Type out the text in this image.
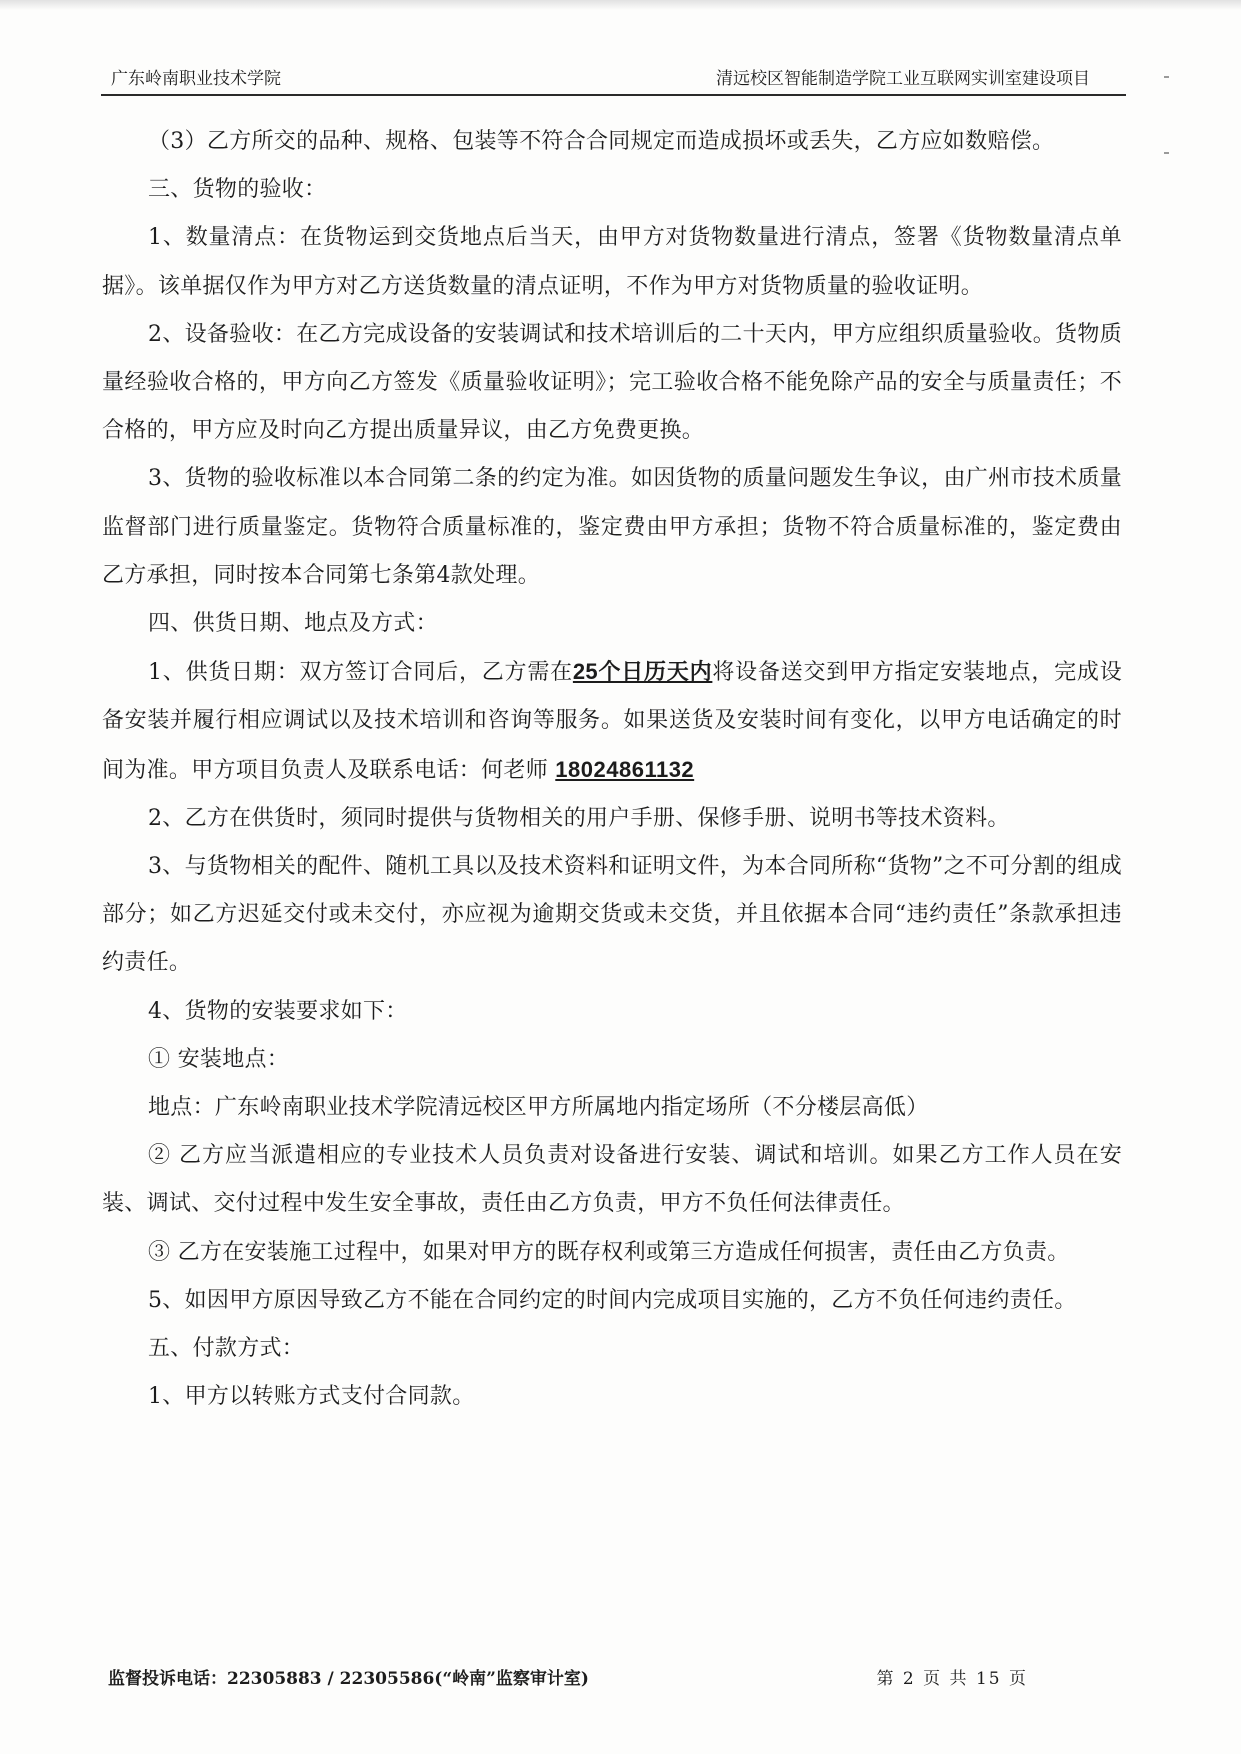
广东岭南职业技术学院	清远校区智能制造学院工业互联网实训室建设项目

（3）乙方所交的品种、规格、包装等不符合合同规定而造成损坏或丢失，乙方应如数赔偿。

三、货物的验收：

1、数量清点：在货物运到交货地点后当天，由甲方对货物数量进行清点，签署《货物数量清点单据》。该单据仅作为甲方对乙方送货数量的清点证明，不作为甲方对货物质量的验收证明。

2、设备验收：在乙方完成设备的安装调试和技术培训后的二十天内，甲方应组织质量验收。货物质量经验收合格的，甲方向乙方签发《质量验收证明》；完工验收合格不能免除产品的安全与质量责任；不合格的，甲方应及时向乙方提出质量异议，由乙方免费更换。

3、货物的验收标准以本合同第二条的约定为准。如因货物的质量问题发生争议，由广州市技术质量监督部门进行质量鉴定。货物符合质量标准的，鉴定费由甲方承担；货物不符合质量标准的，鉴定费由乙方承担，同时按本合同第七条第4款处理。

四、供货日期、地点及方式：

1、供货日期：双方签订合同后，乙方需在25个日历天内将设备送交到甲方指定安装地点，完成设备安装并履行相应调试以及技术培训和咨询等服务。如果送货及安装时间有变化，以甲方电话确定的时间为准。甲方项目负责人及联系电话：何老师 18024861132

2、乙方在供货时，须同时提供与货物相关的用户手册、保修手册、说明书等技术资料。

3、与货物相关的配件、随机工具以及技术资料和证明文件，为本合同所称“货物”之不可分割的组成部分；如乙方迟延交付或未交付，亦应视为逾期交货或未交货，并且依据本合同“违约责任”条款承担违约责任。

4、货物的安装要求如下：

① 安装地点：

地点：广东岭南职业技术学院清远校区甲方所属地内指定场所（不分楼层高低）

② 乙方应当派遣相应的专业技术人员负责对设备进行安装、调试和培训。如果乙方工作人员在安装、调试、交付过程中发生安全事故，责任由乙方负责，甲方不负任何法律责任。

③ 乙方在安装施工过程中，如果对甲方的既存权利或第三方造成任何损害，责任由乙方负责。

5、如因甲方原因导致乙方不能在合同约定的时间内完成项目实施的，乙方不负任何违约责任。

五、付款方式：

1、甲方以转账方式支付合同款。

监督投诉电话：22305883 / 22305586(“岭南”监察审计室)	第 2 页 共 15 页
